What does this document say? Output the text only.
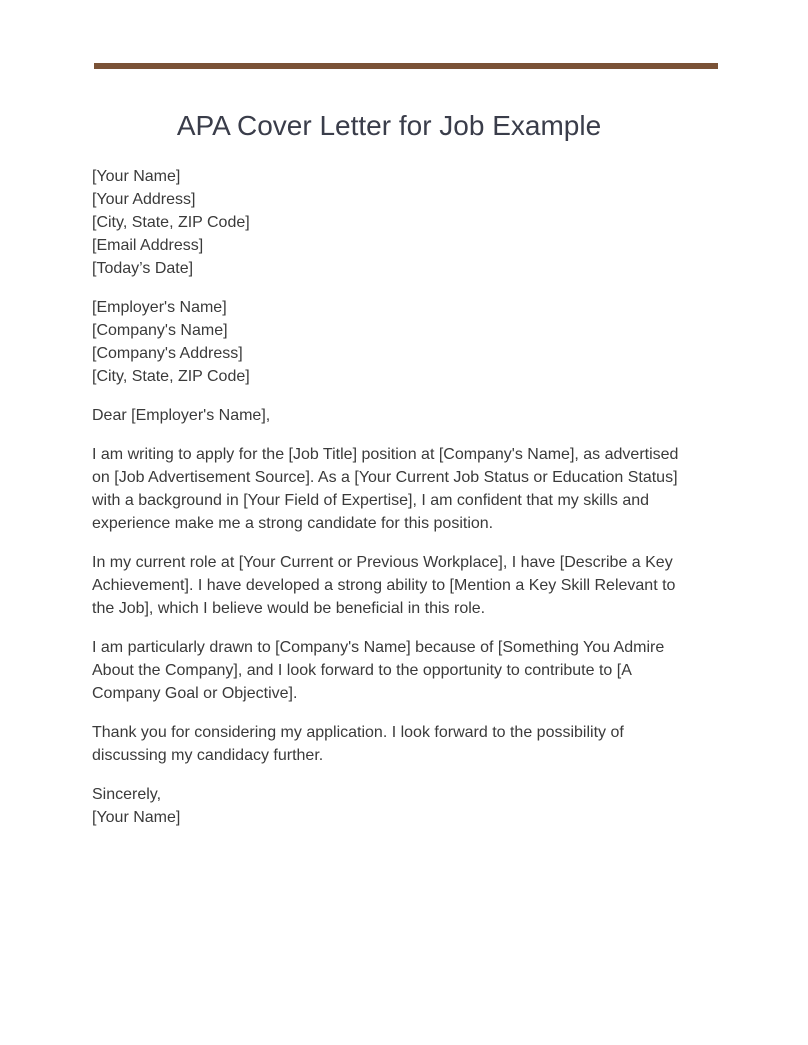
APA Cover Letter for Job Example
[Your Name]
[Your Address]
[City, State, ZIP Code]
[Email Address]
[Today’s Date]
[Employer's Name]
[Company's Name]
[Company's Address]
[City, State, ZIP Code]
Dear [Employer's Name],

I am writing to apply for the [Job Title] position at [Company's Name], as advertised
on [Job Advertisement Source]. As a [Your Current Job Status or Education Status]
with a background in [Your Field of Expertise], I am confident that my skills and
experience make me a strong candidate for this position.

In my current role at [Your Current or Previous Workplace], I have [Describe a Key
Achievement]. I have developed a strong ability to [Mention a Key Skill Relevant to
the Job], which I believe would be beneficial in this role.

I am particularly drawn to [Company's Name] because of [Something You Admire
About the Company], and I look forward to the opportunity to contribute to [A
Company Goal or Objective].

Thank you for considering my application. I look forward to the possibility of
discussing my candidacy further.

Sincerely,
[Your Name]
